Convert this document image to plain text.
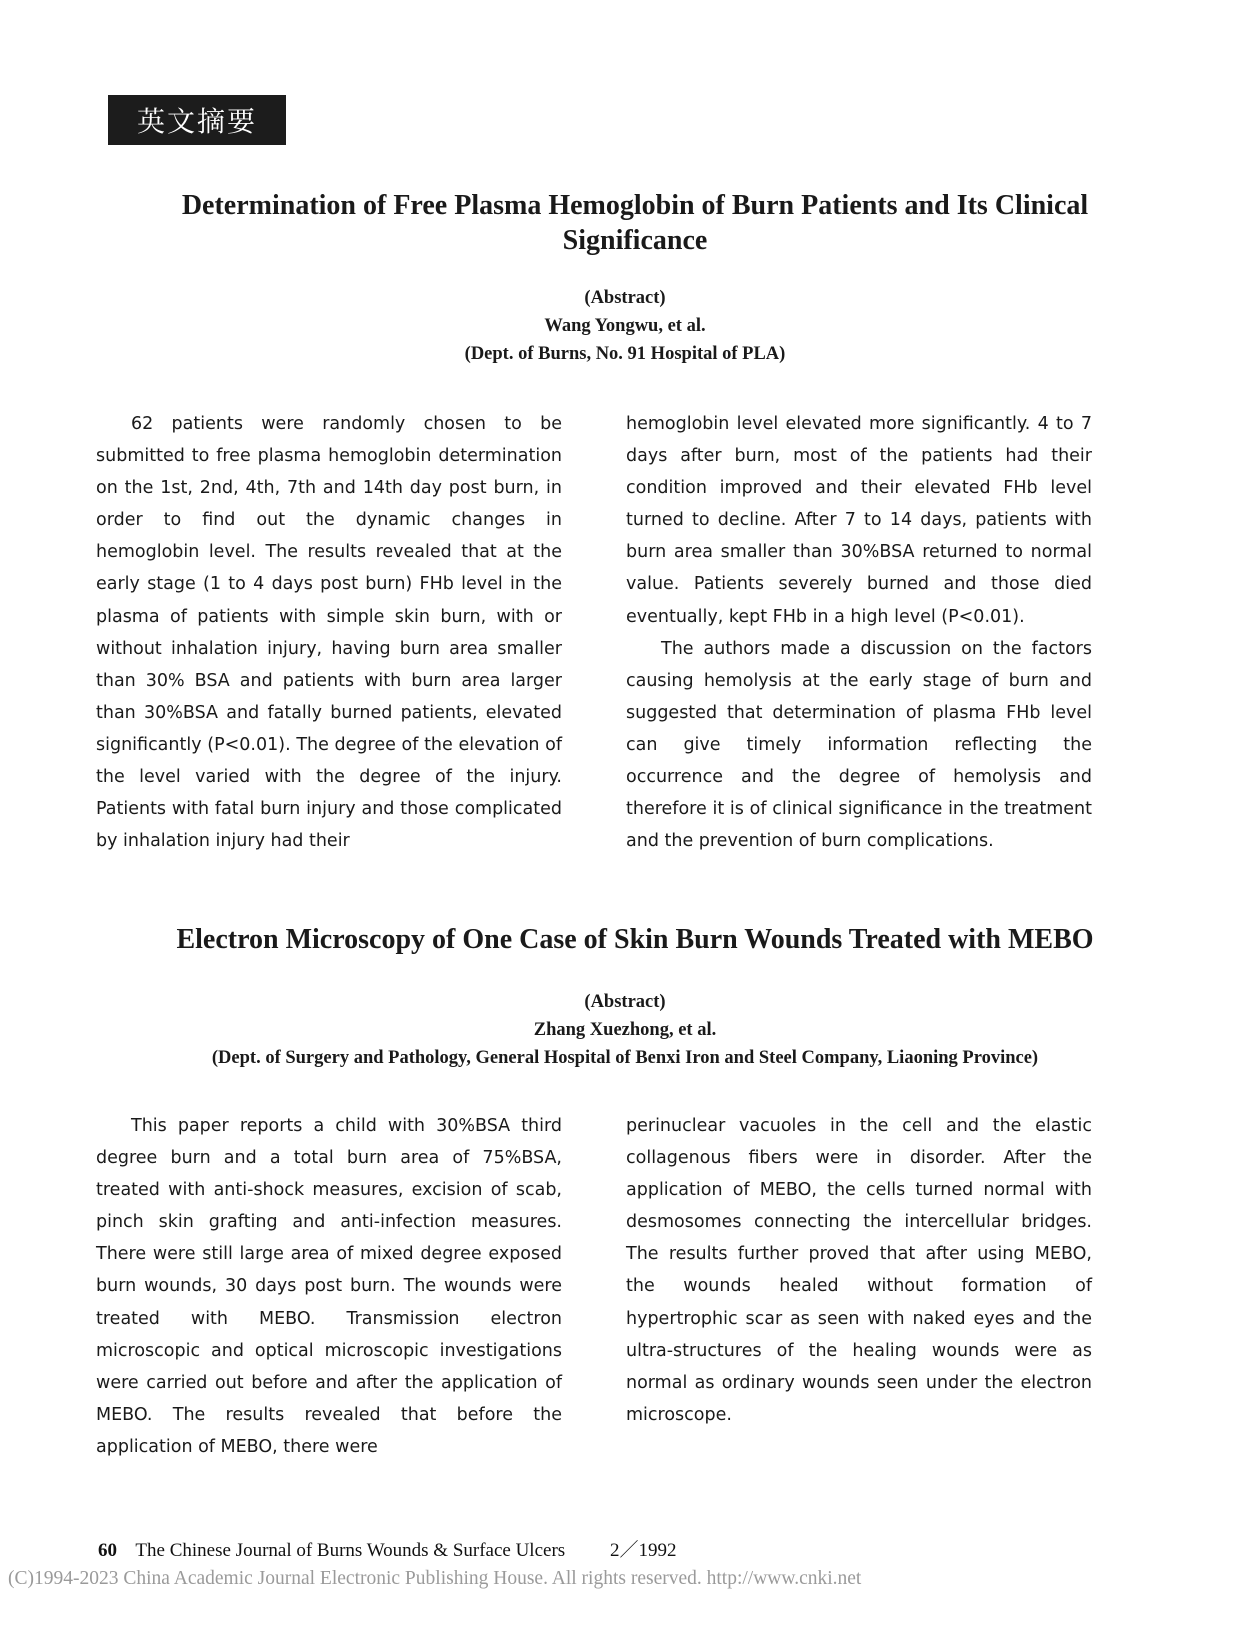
英文摘要
Determination of Free Plasma Hemoglobin of Burn Patients and Its Clinical Significance
(Abstract)
Wang Yongwu, et al.
(Dept. of Burns, No. 91 Hospital of PLA)

62 patients were randomly chosen to be submitted to free plasma hemoglobin determination on the 1st, 2nd, 4th, 7th and 14th day post burn, in order to find out the dynamic changes in hemoglobin level. The results revealed that at the early stage (1 to 4 days post burn) FHb level in the plasma of patients with simple skin burn, with or without inhalation injury, having burn area smaller than 30% BSA and patients with burn area larger than 30%BSA and fatally burned patients, elevated significantly (P<0.01). The degree of the elevation of the level varied with the degree of the injury. Patients with fatal burn injury and those complicated by inhalation injury had their

hemoglobin level elevated more significantly. 4 to 7 days after burn, most of the patients had their condition improved and their elevated FHb level turned to decline. After 7 to 14 days, patients with burn area smaller than 30%BSA returned to normal value. Patients severely burned and those died eventually, kept FHb in a high level (P<0.01).

The authors made a discussion on the factors causing hemolysis at the early stage of burn and suggested that determination of plasma FHb level can give timely information reflecting the occurrence and the degree of hemolysis and therefore it is of clinical significance in the treatment and the prevention of burn complications.

Electron Microscopy of One Case of Skin Burn Wounds Treated with MEBO
(Abstract)
Zhang Xuezhong, et al.
(Dept. of Surgery and Pathology, General Hospital of Benxi Iron and Steel Company, Liaoning Province)

This paper reports a child with 30%BSA third degree burn and a total burn area of 75%BSA, treated with anti-shock measures, excision of scab, pinch skin grafting and anti-infection measures. There were still large area of mixed degree exposed burn wounds, 30 days post burn. The wounds were treated with MEBO. Transmission electron microscopic and optical microscopic investigations were carried out before and after the application of MEBO. The results revealed that before the application of MEBO, there were

perinuclear vacuoles in the cell and the elastic collagenous fibers were in disorder. After the application of MEBO, the cells turned normal with desmosomes connecting the intercellular bridges. The results further proved that after using MEBO, the wounds healed without formation of hypertrophic scar as seen with naked eyes and the ultra-structures of the healing wounds were as normal as ordinary wounds seen under the electron microscope.

60 The Chinese Journal of Burns Wounds & Surface Ulcers 2／1992
(C)1994-2023 China Academic Journal Electronic Publishing House. All rights reserved. http://www.cnki.net
